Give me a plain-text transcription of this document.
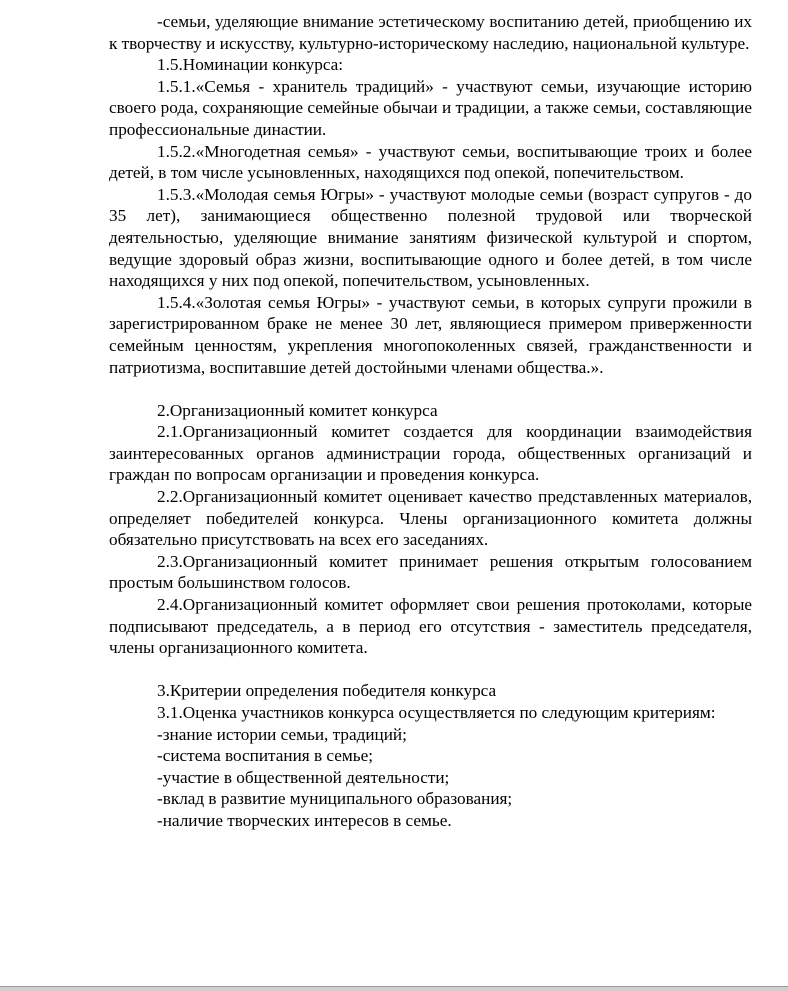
-семьи, уделяющие внимание эстетическому воспитанию детей, приобщению их к творчеству и искусству, культурно-историческому наследию, национальной культуре.

1.5.Номинации конкурса:

1.5.1.«Семья - хранитель традиций» - участвуют семьи, изучающие историю своего рода, сохраняющие семейные обычаи и традиции, а также семьи, составляющие профессиональные династии.

1.5.2.«Многодетная семья» - участвуют семьи, воспитывающие троих и более детей, в том числе усыновленных, находящихся под опекой, попечительством.

1.5.3.«Молодая семья Югры» - участвуют молодые семьи (возраст супругов - до 35 лет), занимающиеся общественно полезной трудовой или творческой деятельностью, уделяющие внимание занятиям физической культурой и спортом, ведущие здоровый образ жизни, воспитывающие одного и более детей, в том числе находящихся у них под опекой, попечительством, усыновленных.

1.5.4.«Золотая семья Югры» - участвуют семьи, в которых супруги прожили в зарегистрированном браке не менее 30 лет, являющиеся примером приверженности семейным ценностям, укрепления многопоколенных связей, гражданственности и патриотизма, воспитавшие детей достойными членами общества.».

2.Организационный комитет конкурса

2.1.Организационный комитет создается для координации взаимодействия заинтересованных органов администрации города, общественных организаций и граждан по вопросам организации и проведения конкурса.

2.2.Организационный комитет оценивает качество представленных материалов, определяет победителей конкурса. Члены организационного комитета должны обязательно присутствовать на всех его заседаниях.

2.3.Организационный комитет принимает решения открытым голосованием простым большинством голосов.

2.4.Организационный комитет оформляет свои решения протоколами, которые подписывают председатель, а в период его отсутствия - заместитель председателя, члены организационного комитета.

3.Критерии определения победителя конкурса

3.1.Оценка участников конкурса осуществляется по следующим критериям:

-знание истории семьи, традиций;

-система воспитания в семье;

-участие в общественной деятельности;

-вклад в развитие муниципального образования;

-наличие творческих интересов в семье.
